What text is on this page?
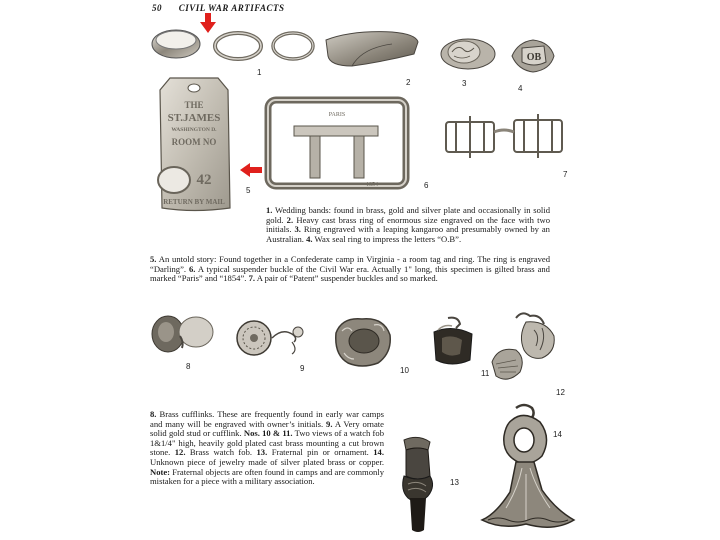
50 CIVIL WAR ARTIFACTS
OB
1
2	3
4
THE
ST.JAMES
WASHINGTON D.
ROOM NO
42
RETURN BY MAIL
5
PARIS
1854	6
7
1. Wedding bands: found in brass, gold and silver plate and occasionally in solid gold. 2. Heavy cast brass ring of enormous size engraved on the face with two initials. 3. Ring engraved with a leaping kangaroo and presumably owned by an Australian. 4. Wax seal ring to impress the letters “O.B”.
5. An untold story: Found together in a Confederate camp in Virginia - a room tag and ring. The ring is engraved “Darling”. 6. A typical suspender buckle of the Civil War era. Actually 1" long, this specimen is gilted brass and marked “Paris” and “1854”. 7. A pair of “Patent” suspender buckles and so marked.
8	9	10	11
12
8. Brass cufflinks. These are frequently found in early war camps and many will be engraved with owner’s initials. 9. A Very ornate solid gold stud or cufflink. Nos. 10 & 11. Two views of a watch fob 1&1/4" high, heavily gold plated cast brass mounting a cut brown stone. 12. Brass watch fob. 13. Fraternal pin or ornament. 14. Unknown piece of jewelry made of silver plated brass or copper. Note: Fraternal objects are often found in camps and are commonly mistaken for a piece with a military association.	13
14
